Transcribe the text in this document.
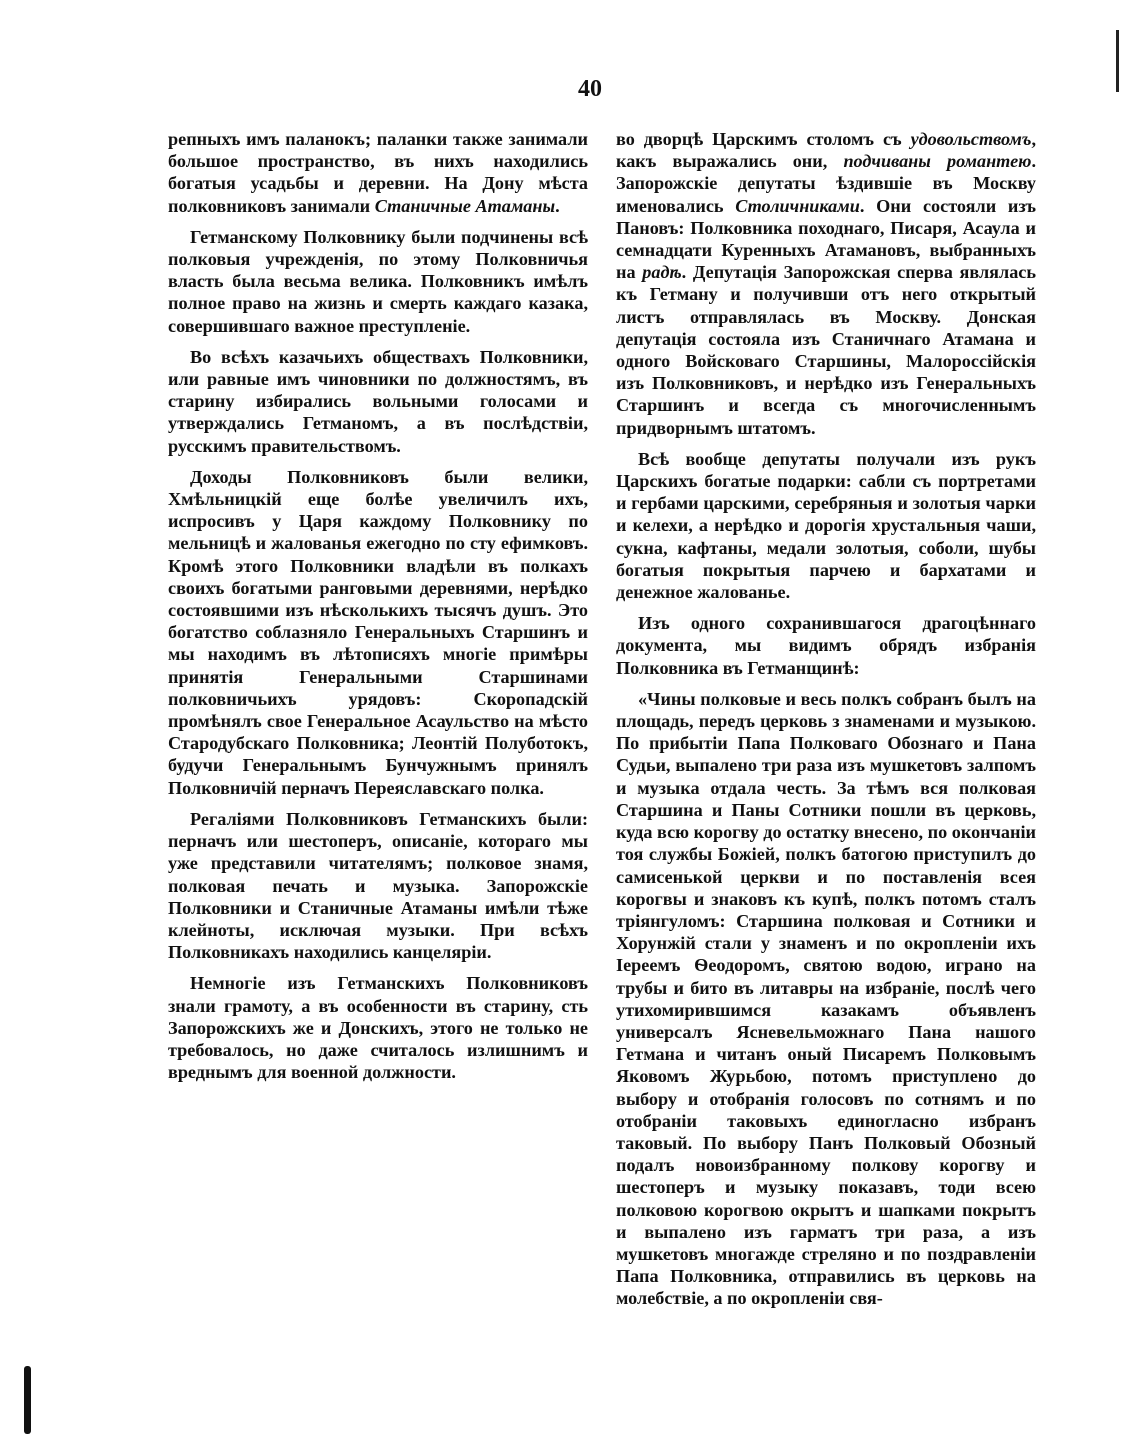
40

репныхъ имъ паланокъ; паланки также занимали большое пространство, въ нихъ находились богатыя усадьбы и деревни. На Дону мѣста полковниковъ занимали Станичные Атаманы.

Гетманскому Полковнику были подчинены всѣ полковыя учрежденія, по этому Полковничья власть была весьма велика. Полковникъ имѣлъ полное право на жизнь и смерть каждаго казака, совершившаго важное преступленіе.

Во всѣхъ казачьихъ обществахъ Полковники, или равные имъ чиновники по должностямъ, въ старину избирались вольными голосами и утверждались Гетманомъ, а въ послѣдствіи, русскимъ правительствомъ.

Доходы Полковниковъ были велики, Хмѣльницкій еще болѣе увеличилъ ихъ, испросивъ у Царя каждому Полковнику по мельницѣ и жалованья ежегодно по сту ефимковъ. Кромѣ этого Полковники владѣли въ полкахъ своихъ богатыми ранговыми деревнями, нерѣдко состоявшими изъ нѣсколькихъ тысячъ душъ. Это богатство соблазняло Генеральныхъ Старшинъ и мы находимъ въ лѣтописяхъ многіе примѣры принятія Генеральными Старшинами полковничьихъ урядовъ: Скоропадскій промѣнялъ свое Генеральное Асаульство на мѣсто Стародубскаго Полковника; Леонтій Полуботокъ, будучи Генеральнымъ Бунчужнымъ принялъ Полковничій перначъ Переяславскаго полка.

Регаліями Полковниковъ Гетманскихъ были: перначъ или шестоперъ, описаніе, котораго мы уже представили читателямъ; полковое знамя, полковая печать и музыка. Запорожскіе Полковники и Станичные Атаманы имѣли тѣже клейноты, исключая музыки. При всѣхъ Полковникахъ находились канцеляріи.

Немногіе изъ Гетманскихъ Полковниковъ знали грамоту, а въ особенности въ старину, сть Запорожскихъ же и Донскихъ, этого не только не требовалось, но даже считалось излишнимъ и вреднымъ для военной должности.

во дворцѣ Царскимъ столомъ съ удовольствомъ, какъ выражались они, подчиваны романтею. Запорожскіе депутаты ѣздившіе въ Москву именовались Столичниками. Они состояли изъ Пановъ: Полковника походнаго, Писаря, Асаула и семнадцати Куренныхъ Атамановъ, выбранныхъ на радѣ. Депутація Запорожская сперва являлась къ Гетману и получивши отъ него открытый листъ отправлялась въ Москву. Донская депутація состояла изъ Станичнаго Атамана и одного Войсковаго Старшины, Малороссійскія изъ Полковниковъ, и нерѣдко изъ Генеральныхъ Старшинъ и всегда съ многочисленнымъ придворнымъ штатомъ.

Всѣ вообще депутаты получали изъ рукъ Царскихъ богатые подарки: сабли съ портретами и гербами царскими, серебряныя и золотыя чарки и келехи, а нерѣдко и дорогія хрустальныя чаши, сукна, кафтаны, медали золотыя, соболи, шубы богатыя покрытыя парчею и бархатами и денежное жалованье.

Изъ одного сохранившагося драгоцѣннаго документа, мы видимъ обрядъ избранія Полковника въ Гетманщинѣ:

«Чины полковые и весь полкъ собранъ былъ на площадь, передъ церковь з знаменами и музыкою. По прибытіи Папа Полковаго Обознаго и Пана Судьи, выпалено три раза изъ мушкетовъ залпомъ и музыка отдала честь. За тѣмъ вся полковая Старшина и Паны Сотники пошли въ церковь, куда всю корогву до остатку внесено, по окончаніи тоя службы Божіей, полкъ батогою приступилъ до самисенькой церкви и по поставленія всея корогвы и знаковъ къ купѣ, полкъ потомъ сталъ тріянгуломъ: Старшина полковая и Сотники и Хорунжій стали у знаменъ и по окропленіи ихъ Іереемъ Ѳеодоромъ, святою водою, играно на трубы и бито въ литавры на избраніе, послѣ чего утихомирившимся казакамъ объявленъ универсалъ Ясневельможнаго Пана нашого Гетмана и читанъ оный Писаремъ Полковымъ Яковомъ Журьбою, потомъ приступлено до выбору и отобранія голосовъ по сотнямъ и по отобраніи таковыхъ единогласно избранъ таковый. По выбору Панъ Полковый Обозный подалъ новоизбранному полкову корогву и шестоперъ и музыку показавъ, тоди всею полковою корогвою окрытъ и шапками покрытъ и выпалено изъ гарматъ три раза, а изъ мушкетовъ многажде стреляно и по поздравленіи Папа Полковника, отправились въ церковь на молебствіе, а по окропленіи свя-
